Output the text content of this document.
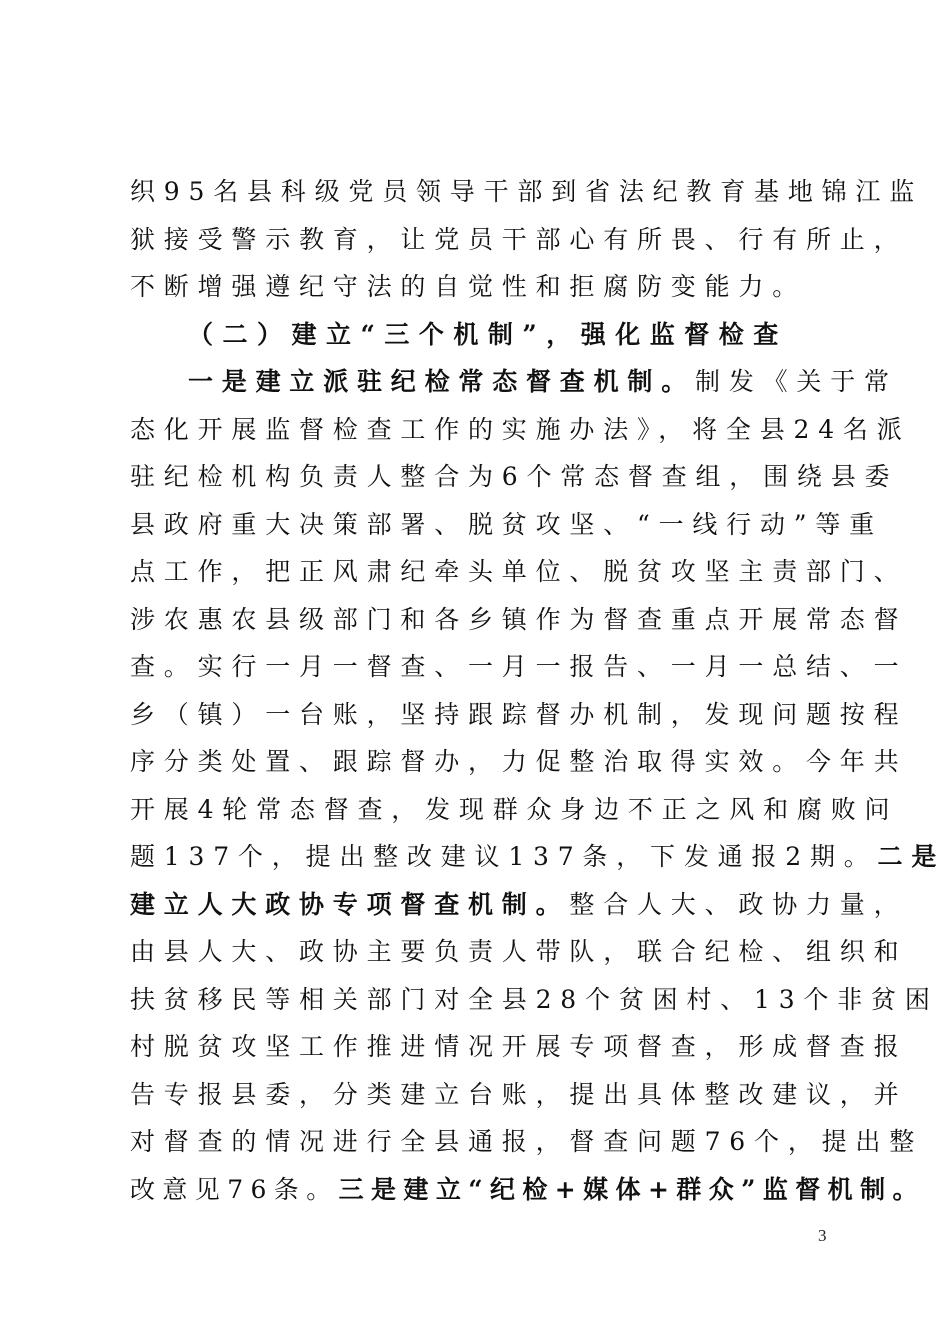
织95名县科级党员领导干部到省法纪教育基地锦江监
狱接受警示教育，让党员干部心有所畏、行有所止，
不断增强遵纪守法的自觉性和拒腐防变能力。
（二）建立“三个机制”，强化监督检查
一是建立派驻纪检常态督查机制。制发《关于常
态化开展监督检查工作的实施办法》，将全县24名派
驻纪检机构负责人整合为6个常态督查组，围绕县委
县政府重大决策部署、脱贫攻坚、“一线行动”等重
点工作，把正风肃纪牵头单位、脱贫攻坚主责部门、
涉农惠农县级部门和各乡镇作为督查重点开展常态督
查。实行一月一督查、一月一报告、一月一总结、一
乡（镇）一台账，坚持跟踪督办机制，发现问题按程
序分类处置、跟踪督办，力促整治取得实效。今年共
开展4轮常态督查，发现群众身边不正之风和腐败问
题137个，提出整改建议137条，下发通报2期。二是
建立人大政协专项督查机制。整合人大、政协力量，
由县人大、政协主要负责人带队，联合纪检、组织和
扶贫移民等相关部门对全县28个贫困村、13个非贫困
村脱贫攻坚工作推进情况开展专项督查，形成督查报
告专报县委，分类建立台账，提出具体整改建议，并
对督查的情况进行全县通报，督查问题76个，提出整
改意见76条。三是建立“纪检+媒体+群众”监督机制。
3
